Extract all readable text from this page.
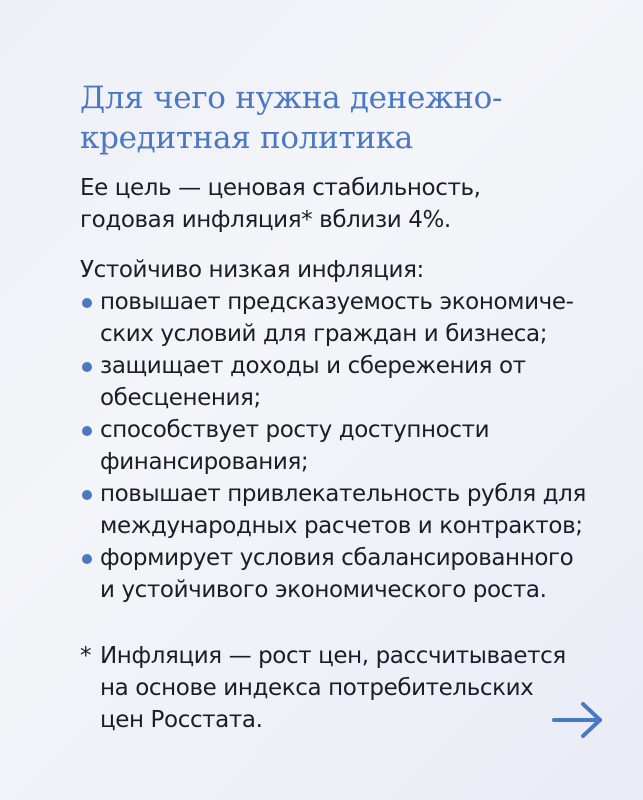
Для чего нужна денежно-
кредитная политика
Ее цель — ценовая стабильность,
годовая инфляция* вблизи 4%.
Устойчиво низкая инфляция:
повышает предсказуемость экономиче-
ских условий для граждан и бизнеса;
защищает доходы и сбережения от
обесценения;
способствует росту доступности
финансирования;
повышает привлекательность рубля для
международных расчетов и контрактов;
формирует условия сбалансированного
и устойчивого экономического роста.
* Инфляция — рост цен, рассчитывается
на основе индекса потребительских
цен Росстата.
